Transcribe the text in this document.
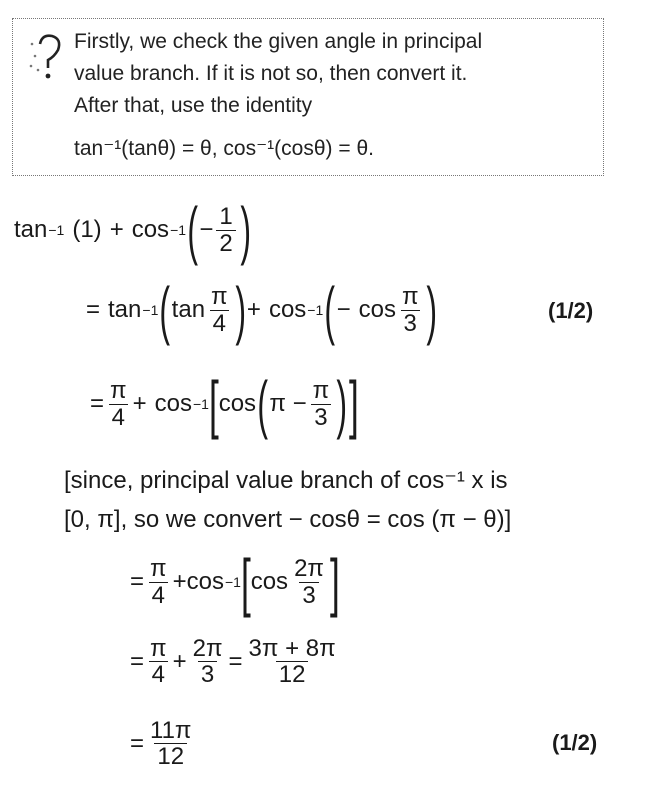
Firstly, we check the given angle in principal
value branch. If it is not so, then convert it.
After that, use the identity
tan⁻¹(tanθ) = θ, cos⁻¹(cosθ) = θ.
tan −1 (1) + cos −1 ( − $\frac{1}{2}$ )
= tan −1 ( $\tan \frac{\pi}{4}$ ) + cos −1 ( − $\cos \frac{\pi}{3}$ )	(1/2)
= $\frac{\pi}{4} + \cos -1$ [ cos ( $\pi - \frac{\pi}{3}$ ) ]
[since, principal value branch of cos⁻¹ x is
[0, π], so we convert − cosθ = cos (π − θ)]
= $\frac{\pi}{4} + \cos -1$ [ $\cos \frac{2\pi}{3}$ ]
= $\frac{\pi}{4} + \frac{2\pi}{3} = \frac{3\pi + 8\pi}{12}$
= $\frac{11\pi}{12}$	(1/2)
